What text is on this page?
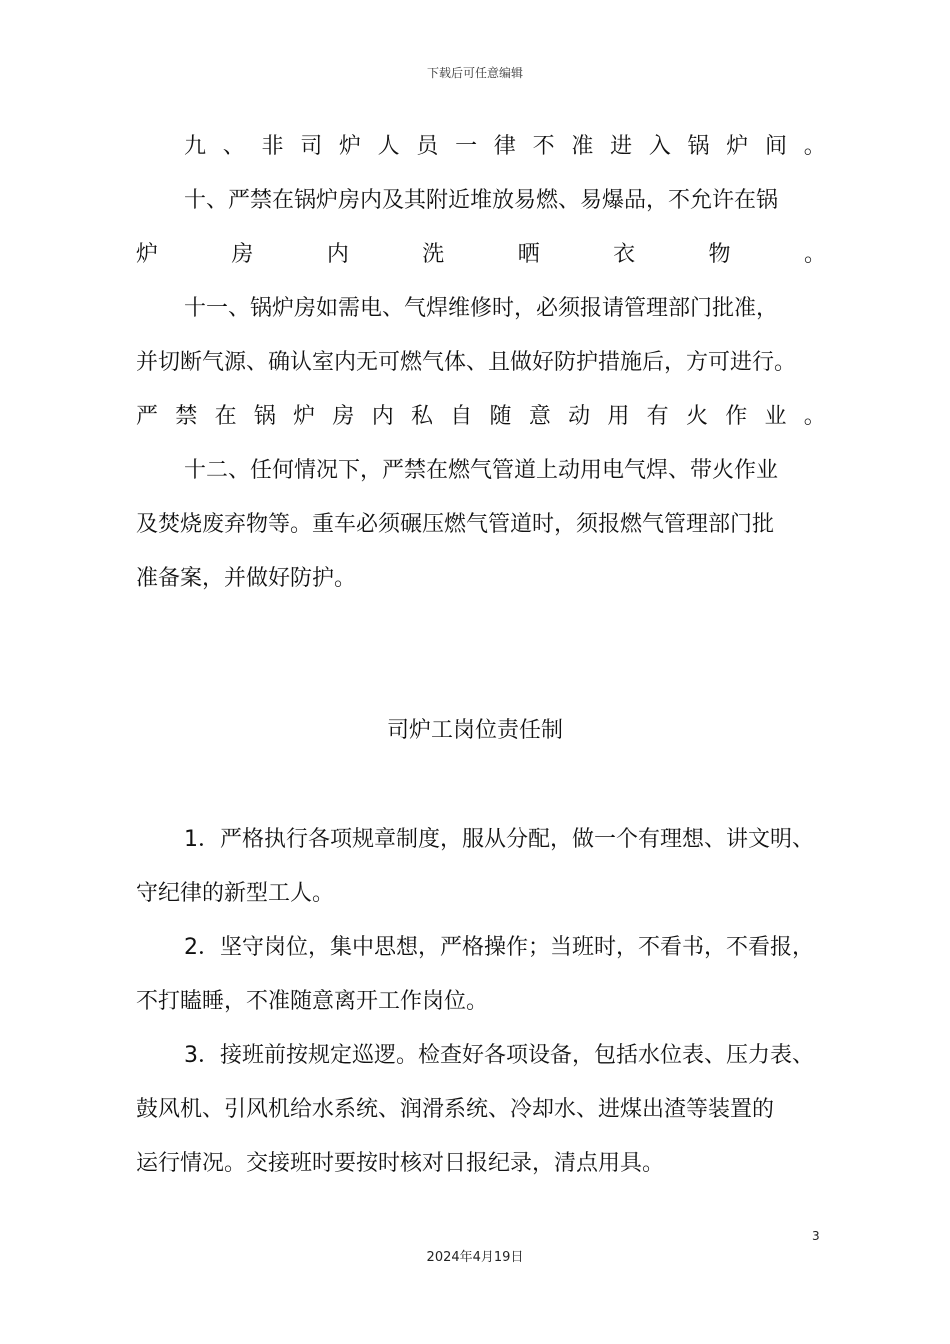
下载后可任意编辑
九 、 非 司 炉 人 员 一 律 不 准 进 入 锅 炉 间 。
十、严禁在锅炉房内及其附近堆放易燃、易爆品，不允许在锅
炉	房	内	洗	晒	衣	物	。
十一、锅炉房如需电、气焊维修时，必须报请管理部门批准，
并切断气源、确认室内无可燃气体、且做好防护措施后，方可进行。
严 禁 在 锅 炉 房 内 私 自 随 意 动 用 有 火 作 业 。
十二、任何情况下，严禁在燃气管道上动用电气焊、带火作业
及焚烧废弃物等。重车必须碾压燃气管道时，须报燃气管理部门批
准备案，并做好防护。
司炉工岗位责任制
1．严格执行各项规章制度，服从分配，做一个有理想、讲文明、
守纪律的新型工人。
2．坚守岗位，集中思想，严格操作；当班时，不看书，不看报，
不打瞌睡，不准随意离开工作岗位。
3．接班前按规定巡逻。检查好各项设备，包括水位表、压力表、
鼓风机、引风机给水系统、润滑系统、冷却水、进煤出渣等装置的
运行情况。交接班时要按时核对日报纪录，清点用具。
3
2024年4月19日
